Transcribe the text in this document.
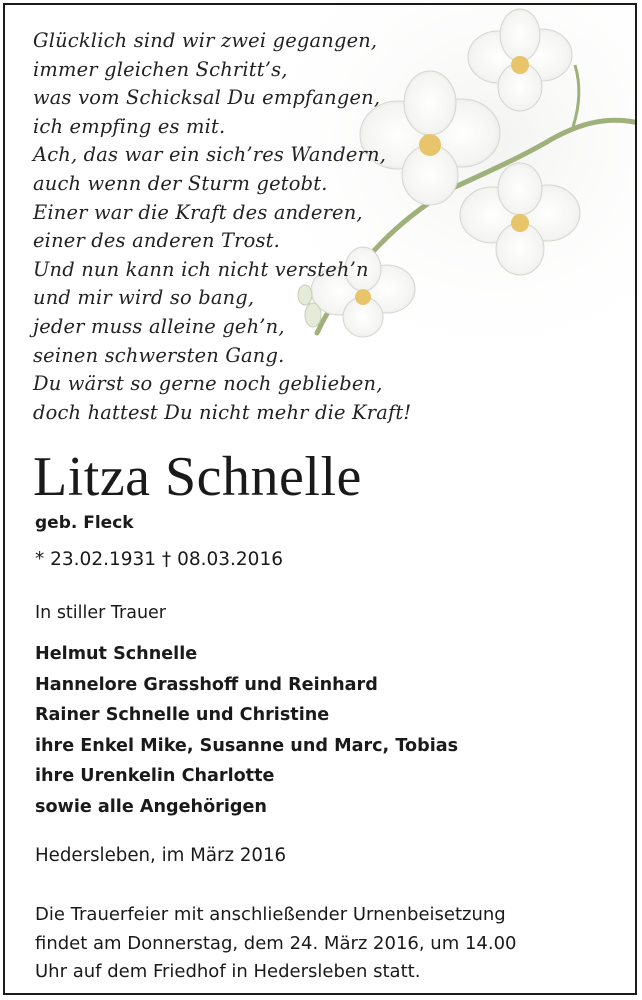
Glücklich sind wir zwei gegangen,
immer gleichen Schritt’s,
was vom Schicksal Du empfangen,
ich empfing es mit.
Ach, das war ein sich’res Wandern,
auch wenn der Sturm getobt.
Einer war die Kraft des anderen,
einer des anderen Trost.
Und nun kann ich nicht versteh’n
und mir wird so bang,
jeder muss alleine geh’n,
seinen schwersten Gang.
Du wärst so gerne noch geblieben,
doch hattest Du nicht mehr die Kraft!
Litza Schnelle
geb. Fleck
* 23.02.1931 † 08.03.2016
In stiller Trauer
Helmut Schnelle
Hannelore Grasshoff und Reinhard
Rainer Schnelle und Christine
ihre Enkel Mike, Susanne und Marc, Tobias
ihre Urenkelin Charlotte
sowie alle Angehörigen
Hedersleben, im März 2016
Die Trauerfeier mit anschließender Urnenbeisetzung
findet am Donnerstag, dem 24. März 2016, um 14.00
Uhr auf dem Friedhof in Hedersleben statt.
